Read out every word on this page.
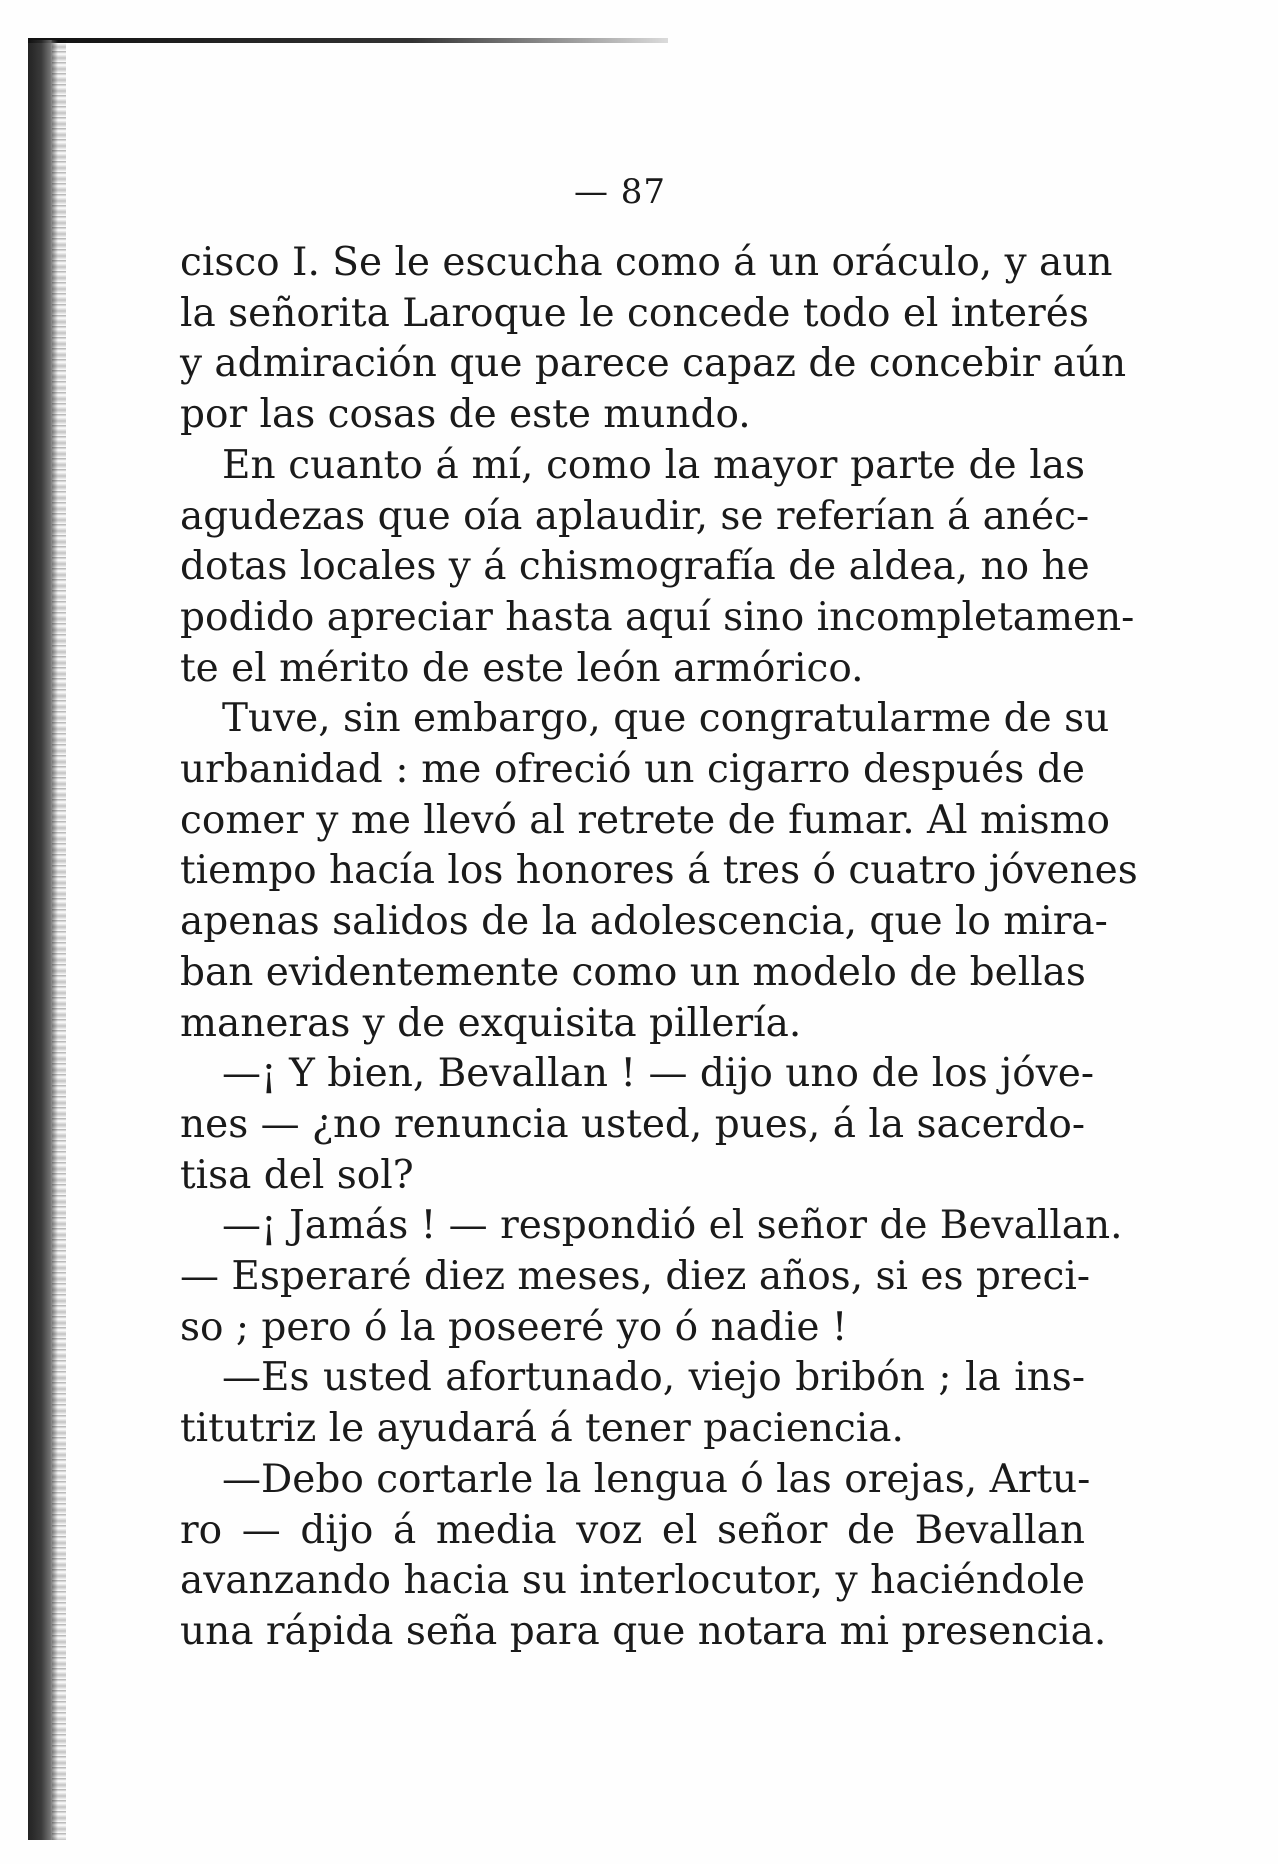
— 87
cisco I. Se le escucha como á un oráculo, y aun
la señorita Laroque le concede todo el interés
y admiración que parece capaz de concebir aún
por las cosas de este mundo.
En cuanto á mí, como la mayor parte de las
agudezas que oía aplaudir, se referían á anéc-
dotas locales y á chismografía de aldea, no he
podido apreciar hasta aquí sino incompletamen-
te el mérito de este león armórico.
Tuve, sin embargo, que congratularme de su
urbanidad : me ofreció un cigarro después de
comer y me llevó al retrete de fumar. Al mismo
tiempo hacía los honores á tres ó cuatro jóvenes
apenas salidos de la adolescencia, que lo mira-
ban evidentemente como un modelo de bellas
maneras y de exquisita pillería.
—¡ Y bien, Bevallan ! — dijo uno de los jóve-
nes — ¿no renuncia usted, pues, á la sacerdo-
tisa del sol?
—¡ Jamás ! — respondió el señor de Bevallan.
— Esperaré diez meses, diez años, si es preci-
so ; pero ó la poseeré yo ó nadie !
—Es usted afortunado, viejo bribón ; la ins-
titutriz le ayudará á tener paciencia.
—Debo cortarle la lengua ó las orejas, Artu-
ro — dijo á media voz el señor de Bevallan
avanzando hacia su interlocutor, y haciéndole
una rápida seña para que notara mi presencia.
